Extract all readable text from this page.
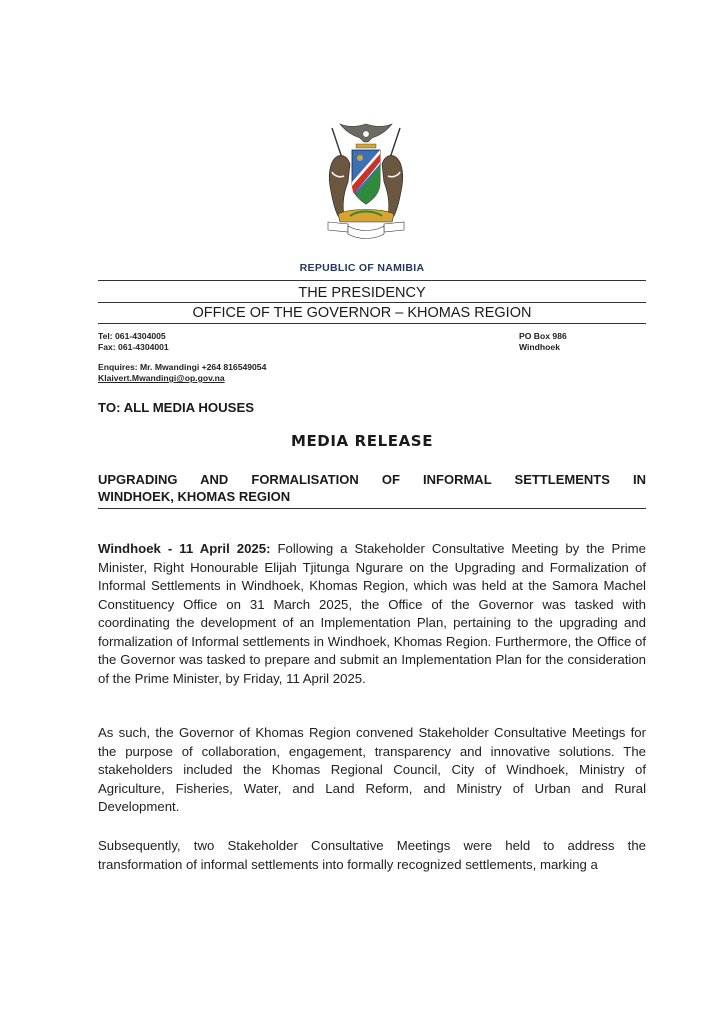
REPUBLIC OF NAMIBIA
THE PRESIDENCY
OFFICE OF THE GOVERNOR – KHOMAS REGION
Tel: 061-4304005
Fax: 061-4304001
PO Box 986
Windhoek
Enquires: Mr. Mwandingi +264 816549054
Klaivert.Mwandingi@op.gov.na
TO: ALL MEDIA HOUSES
MEDIA RELEASE
UPGRADING AND FORMALISATION OF INFORMAL SETTLEMENTS IN
WINDHOEK, KHOMAS REGION
Windhoek - 11 April 2025: Following a Stakeholder Consultative Meeting by the Prime Minister, Right Honourable Elijah Tjitunga Ngurare on the Upgrading and Formalization of Informal Settlements in Windhoek, Khomas Region, which was held at the Samora Machel Constituency Office on 31 March 2025, the Office of the Governor was tasked with coordinating the development of an Implementation Plan, pertaining to the upgrading and formalization of Informal settlements in Windhoek, Khomas Region. Furthermore, the Office of the Governor was tasked to prepare and submit an Implementation Plan for the consideration of the Prime Minister, by Friday, 11 April 2025.
As such, the Governor of Khomas Region convened Stakeholder Consultative Meetings for the purpose of collaboration, engagement, transparency and innovative solutions. The stakeholders included the Khomas Regional Council, City of Windhoek, Ministry of Agriculture, Fisheries, Water, and Land Reform, and Ministry of Urban and Rural Development.
Subsequently, two Stakeholder Consultative Meetings were held to address the transformation of informal settlements into formally recognized settlements, marking a
